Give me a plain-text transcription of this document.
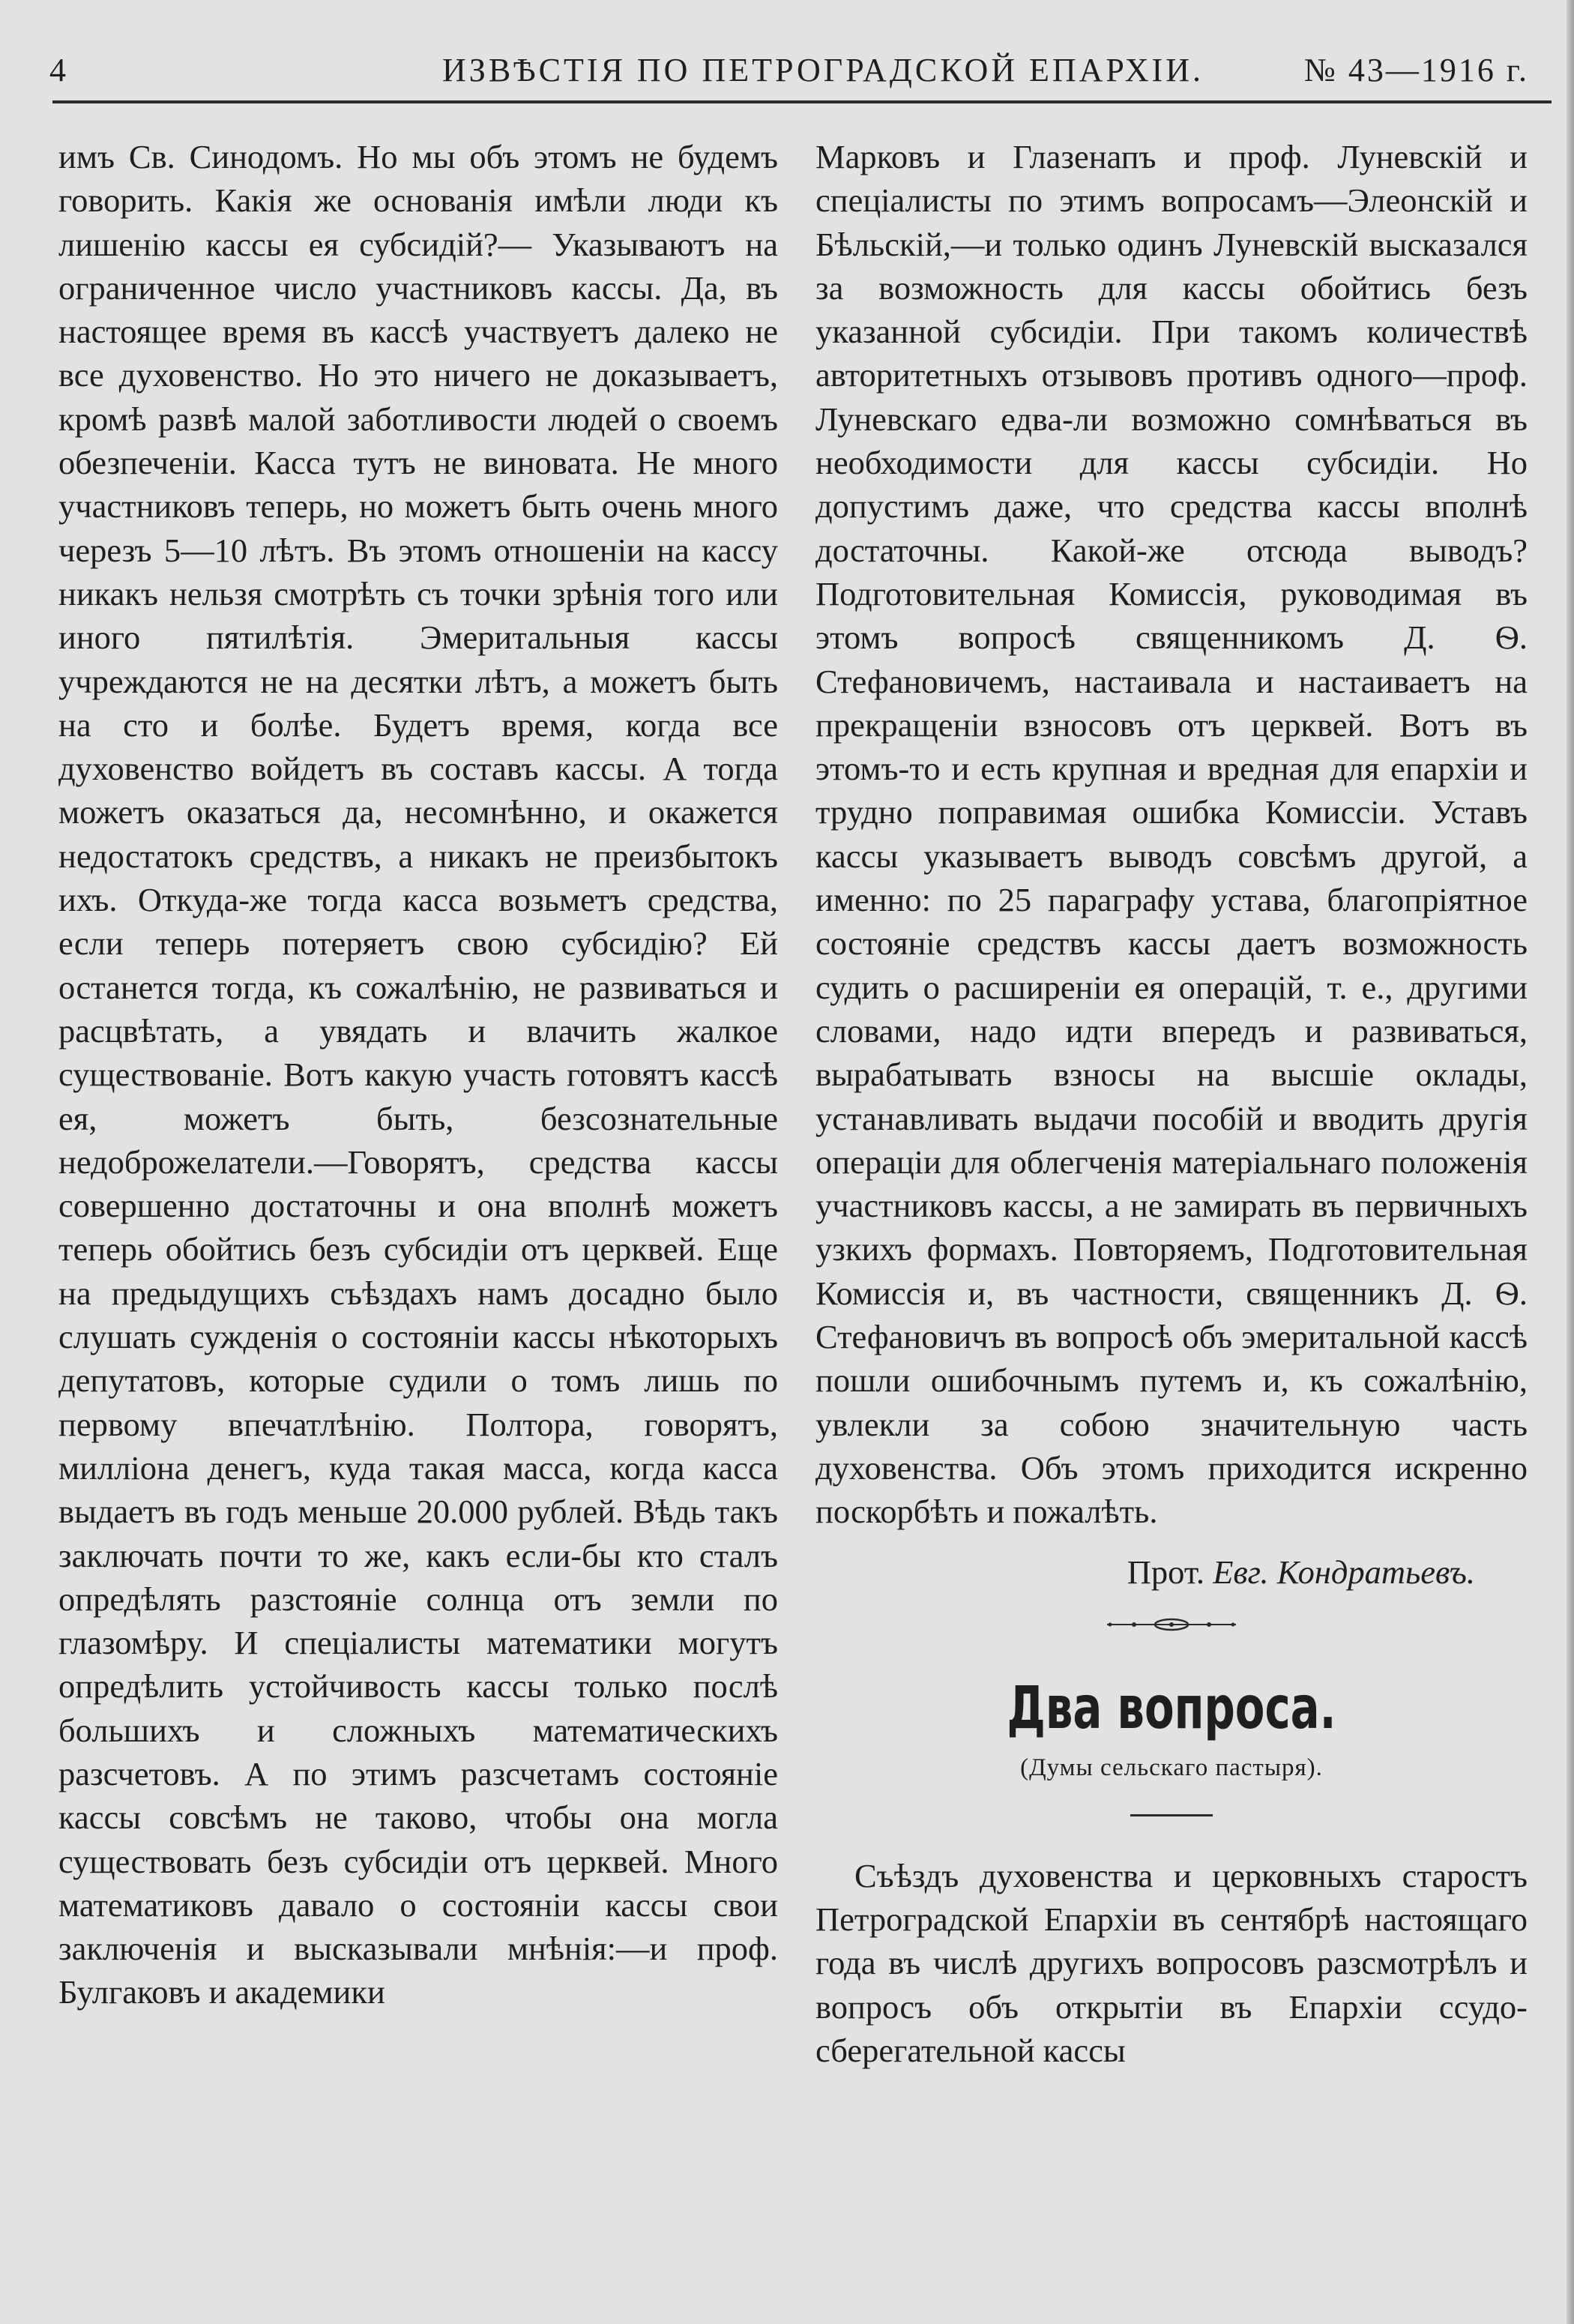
4	ИЗВѢСТІЯ ПО ПЕТРОГРАДСКОЙ ЕПАРХІИ.	№ 43—1916 г.

имъ Св. Синодомъ. Но мы объ этомъ не будемъ говорить. Какія же основанія имѣли люди къ лишенію кассы ея субсидій?— Указываютъ на ограниченное число участниковъ кассы. Да, въ настоящее время въ кассѣ участвуетъ далеко не все духовенство. Но это ничего не доказываетъ, кромѣ развѣ малой заботливости людей о своемъ обезпеченіи. Касса тутъ не виновата. Не много участниковъ теперь, но можетъ быть очень много черезъ 5—10 лѣтъ. Въ этомъ отношеніи на кассу никакъ нельзя смотрѣть съ точки зрѣнія того или иного пятилѣтія. Эмеритальныя кассы учреждаются не на десятки лѣтъ, а можетъ быть на сто и болѣе. Будетъ время, когда все духовенство войдетъ въ составъ кассы. А тогда можетъ оказаться да, несомнѣнно, и окажется недостатокъ средствъ, а никакъ не преизбытокъ ихъ. Откуда-же тогда касса возьметъ средства, если теперь потеряетъ свою субсидію? Ей останется тогда, къ сожалѣнію, не развиваться и расцвѣтать, а увядать и влачить жалкое существованіе. Вотъ какую участь готовятъ кассѣ ея, можетъ быть, безсознательные недоброжелатели.—Говорятъ, средства кассы совершенно достаточны и она вполнѣ можетъ теперь обойтись безъ субсидіи отъ церквей. Еще на предыдущихъ съѣздахъ намъ досадно было слушать сужденія о состояніи кассы нѣкоторыхъ депутатовъ, которые судили о томъ лишь по первому впечатлѣнію. Полтора, говорятъ, милліона денегъ, куда такая масса, когда касса выдаетъ въ годъ меньше 20.000 рублей. Вѣдь такъ заключать почти то же, какъ если-бы кто сталъ опредѣлять разстояніе солнца отъ земли по глазомѣру. И спеціалисты математики могутъ опредѣлить устойчивость кассы только послѣ большихъ и сложныхъ математическихъ разсчетовъ. А по этимъ разсчетамъ состояніе кассы совсѣмъ не таково, чтобы она могла существовать безъ субсидіи отъ церквей. Много математиковъ давало о состояніи кассы свои заключенія и высказывали мнѣнія:—и проф. Булгаковъ и академики

Марковъ и Глазенапъ и проф. Луневскій и спеціалисты по этимъ вопросамъ—Элеонскій и Бѣльскій,—и только одинъ Луневскій высказался за возможность для кассы обойтись безъ указанной субсидіи. При такомъ количествѣ авторитетныхъ отзывовъ противъ одного—проф. Луневскаго едва-ли возможно сомнѣваться въ необходимости для кассы субсидіи. Но допустимъ даже, что средства кассы вполнѣ достаточны. Какой-же отсюда выводъ? Подготовительная Комиссія, руководимая въ этомъ вопросѣ священникомъ Д. Ѳ. Стефановичемъ, настаивала и настаиваетъ на прекращеніи взносовъ отъ церквей. Вотъ въ этомъ-то и есть крупная и вредная для епархіи и трудно поправимая ошибка Комиссіи. Уставъ кассы указываетъ выводъ совсѣмъ другой, а именно: по 25 параграфу устава, благопріятное состояніе средствъ кассы даетъ возможность судить о расширеніи ея операцій, т. е., другими словами, надо идти впередъ и развиваться, вырабатывать взносы на высшіе оклады, устанавливать выдачи пособій и вводить другія операціи для облегченія матеріальнаго положенія участниковъ кассы, а не замирать въ первичныхъ узкихъ формахъ. Повторяемъ, Подготовительная Комиссія и, въ частности, священникъ Д. Ѳ. Стефановичъ въ вопросѣ объ эмеритальной кассѣ пошли ошибочнымъ путемъ и, къ сожалѣнію, увлекли за собою значительную часть духовенства. Объ этомъ приходится искренно поскорбѣть и пожалѣть.

Прот. Евг. Кондратьевъ.

Два вопроса.
(Думы сельскаго пастыря).

Съѣздъ духовенства и церковныхъ старостъ Петроградской Епархіи въ сентябрѣ настоящаго года въ числѣ другихъ вопросовъ разсмотрѣлъ и вопросъ объ открытіи въ Епархіи ссудо-сберегательной кассы
